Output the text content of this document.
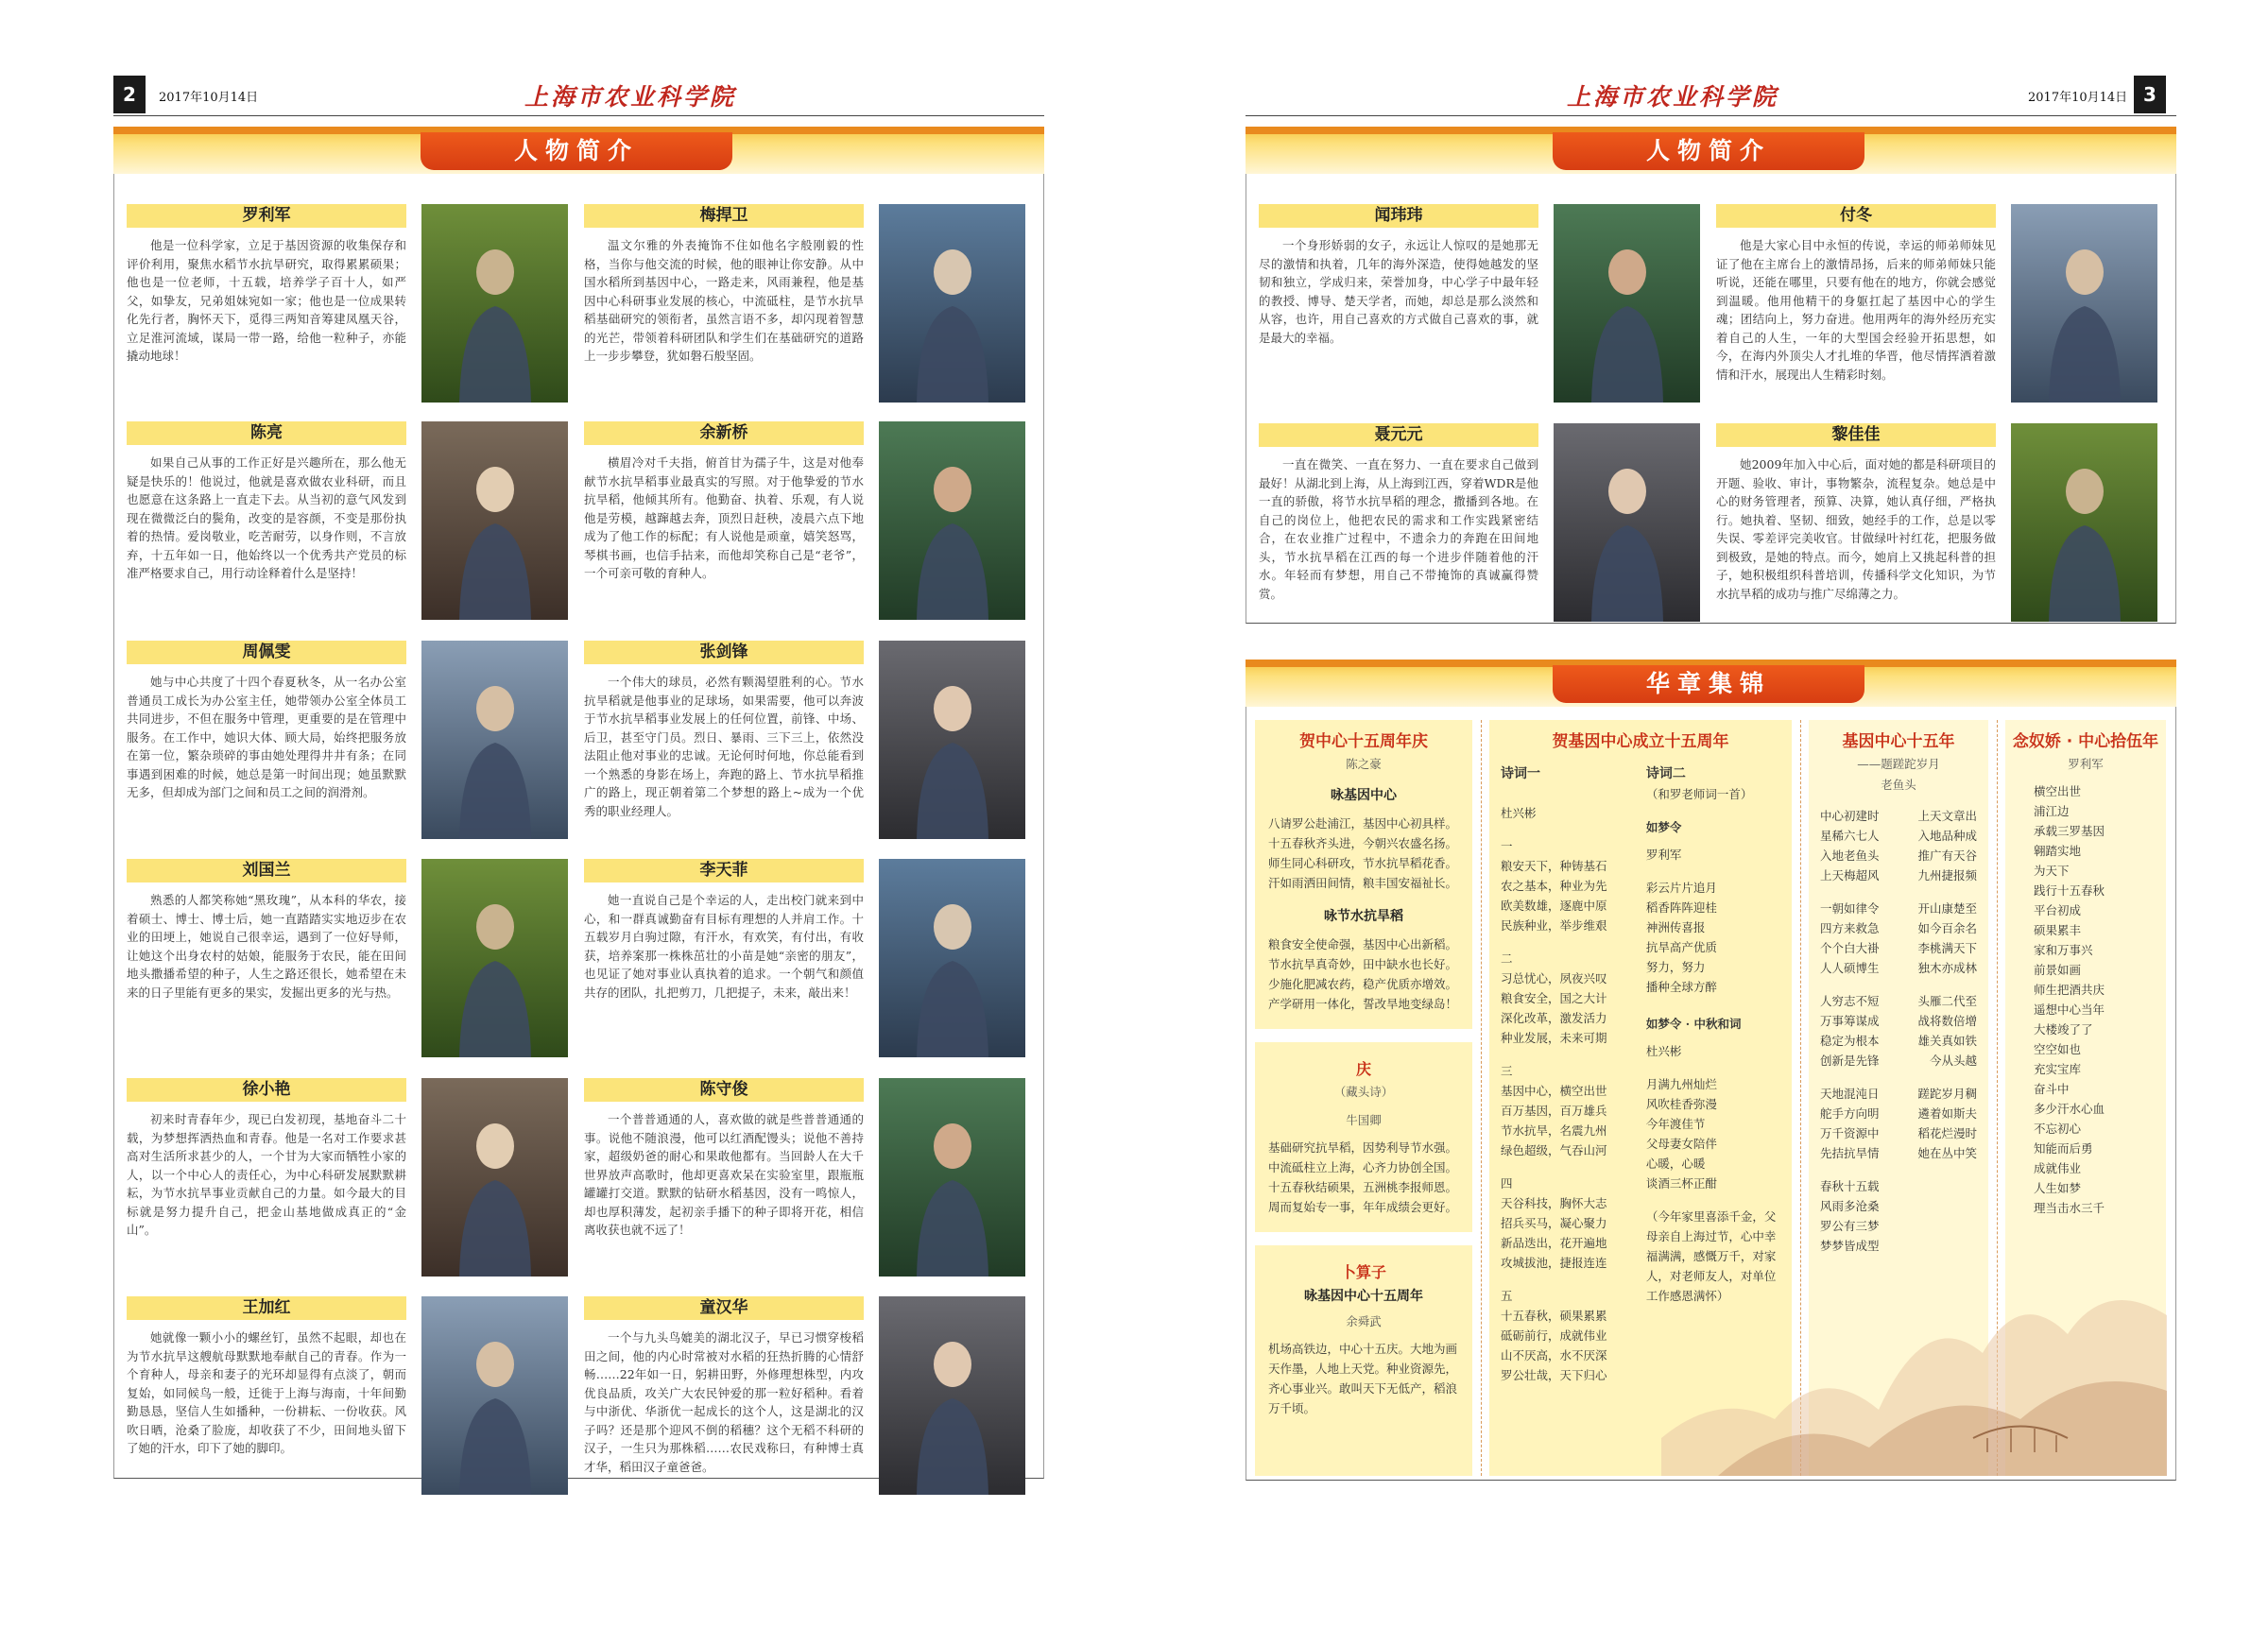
2	2017年10月14日	上海市农业科学院
人物简介
罗利军

他是一位科学家，立足于基因资源的收集保存和评价利用，聚焦水稻节水抗旱研究，取得累累硕果；他也是一位老师，十五载，培养学子百十人，如严父，如挚友，兄弟姐妹宛如一家；他也是一位成果转化先行者，胸怀天下，觅得三两知音筹建凤凰天谷，立足淮河流域，谋局一带一路，给他一粒种子，亦能撬动地球！

梅捍卫

温文尔雅的外表掩饰不住如他名字般刚毅的性格，当你与他交流的时候，他的眼神让你安静。从中国水稻所到基因中心，一路走来，风雨兼程，他是基因中心科研事业发展的核心，中流砥柱，是节水抗旱稻基础研究的领衔者，虽然言语不多，却闪现着智慧的光芒，带领着科研团队和学生们在基础研究的道路上一步步攀登，犹如磐石般坚固。

陈亮

如果自己从事的工作正好是兴趣所在，那么他无疑是快乐的！他说过，他就是喜欢做农业科研，而且也愿意在这条路上一直走下去。从当初的意气风发到现在微微泛白的鬓角，改变的是容颜，不变是那份执着的热情。爱岗敬业，吃苦耐劳，以身作则，不言放弃，十五年如一日，他始终以一个优秀共产党员的标准严格要求自己，用行动诠释着什么是坚持！

余新桥

横眉冷对千夫指，俯首甘为孺子牛，这是对他奉献节水抗旱稻事业最真实的写照。对于他挚爱的节水抗旱稻，他倾其所有。他勤奋、执着、乐观，有人说他是劳模，越蹿越去奔，顶烈日赶秧，凌晨六点下地成为了他工作的标配；有人说他是顽童，嬉笑怒骂，琴棋书画，也信手拈来，而他却笑称自己是“老爷”，一个可亲可敬的育种人。

周佩雯

她与中心共度了十四个春夏秋冬，从一名办公室普通员工成长为办公室主任，她带领办公室全体员工共同进步，不但在服务中管理，更重要的是在管理中服务。在工作中，她识大体、顾大局，始终把服务放在第一位，繁杂琐碎的事由她处理得井井有条；在同事遇到困难的时候，她总是第一时间出现；她虽默默无多，但却成为部门之间和员工之间的润滑剂。

张剑锋

一个伟大的球员，必然有颗渴望胜利的心。节水抗旱稻就是他事业的足球场，如果需要，他可以奔波于节水抗旱稻事业发展上的任何位置，前锋、中场、后卫，甚至守门员。烈日、暴雨、三下三上，依然没法阻止他对事业的忠诚。无论何时何地，你总能看到一个熟悉的身影在场上，奔跑的路上、节水抗旱稻推广的路上，现正朝着第二个梦想的路上~成为一个优秀的职业经理人。

刘国兰

熟悉的人都笑称她“黑玫瑰”，从本科的华农，接着硕士、博士、博士后，她一直踏踏实实地迈步在农业的田埂上，她说自己很幸运，遇到了一位好导师，让她这个出身农村的姑娘，能服务于农民，能在田间地头撒播希望的种子，人生之路还很长，她希望在未来的日子里能有更多的果实，发掘出更多的光与热。

李天菲

她一直说自己是个幸运的人，走出校门就来到中心，和一群真诚勤奋有目标有理想的人并肩工作。十五载岁月白驹过隙，有汗水，有欢笑，有付出，有收获，培养案那一株株茁壮的小苗是她“亲密的朋友”，也见证了她对事业认真执着的追求。一个朝气和颜值共存的团队，扎把剪刀，几把提子，未来，敲出来！

徐小艳

初来时青春年少，现已白发初现，基地奋斗二十载，为梦想挥洒热血和青春。他是一名对工作要求甚高对生活所求甚少的人，一个甘为大家而牺牲小家的人，以一个中心人的责任心，为中心科研发展默默耕耘，为节水抗旱事业贡献自己的力量。如今最大的目标就是努力提升自己，把金山基地做成真正的“金山”。

陈守俊

一个普普通通的人，喜欢做的就是些普普通通的事。说他不随浪漫，他可以红酒配馒头；说他不善持家，超级奶爸的耐心和果敢他都有。当回龄人在大千世界放声高歌时，他却更喜欢呆在实验室里，跟瓶瓶罐罐打交道。默默的钻研水稻基因，没有一鸣惊人，却也厚积薄发，起初亲手播下的种子即将开花，相信离收获也就不远了！

王加红

她就像一颗小小的螺丝钉，虽然不起眼，却也在为节水抗旱这艘航母默默地奉献自己的青春。作为一个育种人，母亲和妻子的光环却显得有点淡了，朝而复始，如同候鸟一般，迁徙于上海与海南，十年间勤勤恳恳，坚信人生如播种，一份耕耘、一份收获。风吹日晒，沧桑了脸庞，却收获了不少，田间地头留下了她的汗水，印下了她的脚印。

童汉华

一个与九头鸟媲美的湖北汉子，早已习惯穿梭稻田之间，他的内心时常被对水稻的狂热折腾的心情舒畅……22年如一日，躬耕田野，外修理想株型，内攻优良品质，攻关广大农民钟爱的那一粒好稻种。看着与中浙优、华浙优一起成长的这个人，这是湖北的汉子吗？还是那个迎风不倒的稻穗？这个无稻不科研的汉子，一生只为那株稻……农民戏称曰，有种博士真才华，稻田汉子童爸爸。

2017年10月14日 3
上海市农业科学院
人物简介
闻玮玮

一个身形娇弱的女子，永远让人惊叹的是她那无尽的激情和执着，几年的海外深造，使得她越发的坚韧和独立，学成归来，荣誉加身，中心学子中最年轻的教授、博导、楚天学者，而她，却总是那么淡然和从容，也许，用自己喜欢的方式做自己喜欢的事，就是最大的幸福。

付冬

他是大家心目中永恒的传说，幸运的师弟师妹见证了他在主席台上的激情昂扬，后来的师弟师妹只能听说，还能在哪里，只要有他在的地方，你就会感觉到温暖。他用他精干的身躯扛起了基因中心的学生魂；团结向上，努力奋进。他用两年的海外经历充实着自己的人生，一年的大型国会经验开拓思想，如今，在海内外顶尖人才扎堆的华晋，他尽情挥洒着激情和汗水，展现出人生精彩时刻。

聂元元

一直在微笑、一直在努力、一直在要求自己做到最好！从湖北到上海，从上海到江西，穿着WDR是他一直的骄傲，将节水抗旱稻的理念，撒播到各地。在自己的岗位上，他把农民的需求和工作实践紧密结合，在农业推广过程中，不遗余力的奔跑在田间地头，节水抗旱稻在江西的每一个进步伴随着他的汗水。年轻而有梦想，用自己不带掩饰的真诚赢得赞赏。

黎佳佳

她2009年加入中心后，面对她的都是科研项目的开题、验收、审计，事物繁杂，流程复杂。她总是中心的财务管理者，预算、决算，她认真仔细，严格执行。她执着、坚韧、细致，她经手的工作，总是以零失误、零差评完美收官。甘做绿叶衬红花，把服务做到极致，是她的特点。而今，她肩上又挑起科普的担子，她积极组织科普培训，传播科学文化知识，为节水抗旱稻的成功与推广尽绵薄之力。

华章集锦
贺中心十五周年庆
陈之豪
咏基因中心

八请罗公赴浦江，基因中心初具样。十五春秋齐头进，今朝兴农盛名扬。师生同心科研攻，节水抗旱稻花香。汗如雨洒田间情，粮丰国安福祉长。

咏节水抗旱稻

粮食安全使命强，基因中心出新稻。节水抗旱真奇妙，田中缺水也长好。少施化肥减农药，稳产优质亦增效。产学研用一体化，誓改旱地变绿岛！

庆
（藏头诗）
牛国卿

基础研究抗旱稻，因势利导节水强。中流砥柱立上海，心齐力协创全国。十五春秋结硕果，五洲桃李报师恩。周而复始专一事，年年成绩会更好。

卜算子
咏基因中心十五周年
余舜武

机场高铁边，中心十五庆。大地为画天作墨，人地上天党。种业资源先，齐心事业兴。敢叫天下无低产，稻浪万千顷。

贺基因中心成立十五周年
诗词一
杜兴彬
一
粮安天下，种铸基石
农之基本，种业为先
欧美数雄，逐鹿中原
民族种业，举步维艰
二
习总忧心，夙夜兴叹
粮食安全，国之大计
深化改革，激发活力
种业发展，未来可期
三
基因中心，横空出世
百万基因，百万雄兵
节水抗旱，名震九州
绿色超级，气吞山河
四
天谷科技，胸怀大志
招兵买马，凝心聚力
新品迭出，花开遍地
攻城拔池，捷报连连
五
十五春秋，硕果累累
砥砺前行，成就伟业
山不厌高，水不厌深
罗公壮哉，天下归心
诗词二
（和罗老师词一首）
如梦令
罗利军
彩云片片追月
稻香阵阵迎桂
神洲传喜报
抗旱高产优质
努力，努力
播种全球方醉
如梦令 · 中秋和词
杜兴彬
月满九州灿烂
风吹桂香弥漫
今年渡佳节
父母妻女陪伴
心暖，心暖
谈酒三杯正酣
（今年家里喜添千金，父母亲自上海过节，心中幸福满满，感慨万千，对家人，对老师友人，对单位工作感恩满怀）
基因中心十五年
——题蹉跎岁月
老鱼头
中心初建时	上天文章出
星稀六七人	入地品种成
入地老鱼头	推广有天谷
上天梅超风	九州捷报频
一朝如律令	开山康楚至
四方来救急	如今百余名
个个白大褂	李桃满天下
人人硕博生	独木亦成林
人穷志不短	头雁二代至
万事筹谋成	战将数倍增
稳定为根本	雄关真如铁
创新是先锋	今从头越
天地混沌日	蹉跎岁月稠
舵手方向明	遴着如斯夫
万千资源中	稻花烂漫时
先拮抗旱情	她在丛中笑
春秋十五载
风雨多沧桑
罗公有三梦
梦梦皆成型
念奴娇 · 中心拾伍年
罗利军
横空出世
浦江边
承载三罗基因
翱踏实地
为天下
践行十五春秋
平台初成
硕果累丰
家和万事兴
前景如画
师生把酒共庆
遥想中心当年
大楼竣了了
空空如也
充实宝库
奋斗中
多少汗水心血
不忘初心
知能而后勇
成就伟业
人生如梦
理当击水三千
